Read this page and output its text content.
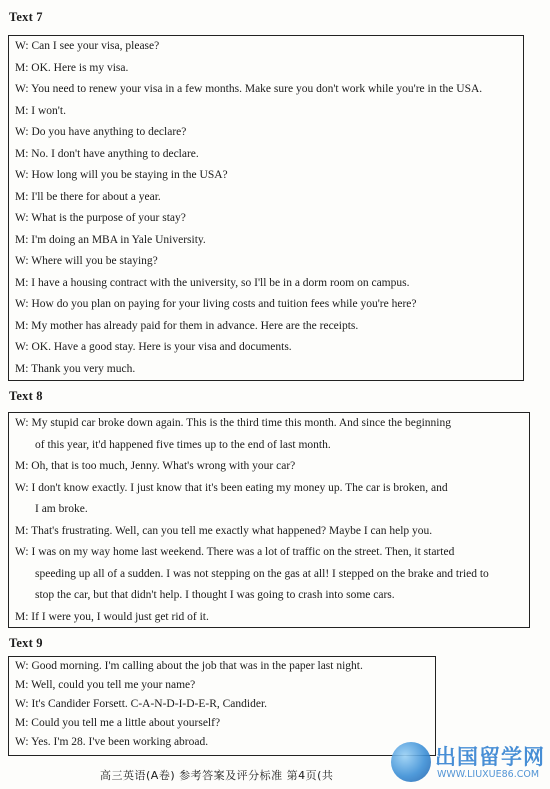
Text 7
W: Can I see your visa, please?
M: OK. Here is my visa.
W: You need to renew your visa in a few months. Make sure you don't work while you're in the USA.
M: I won't.
W: Do you have anything to declare?
M: No. I don't have anything to declare.
W: How long will you be staying in the USA?
M: I'll be there for about a year.
W: What is the purpose of your stay?
M: I'm doing an MBA in Yale University.
W: Where will you be staying?
M: I have a housing contract with the university, so I'll be in a dorm room on campus.
W: How do you plan on paying for your living costs and tuition fees while you're here?
M: My mother has already paid for them in advance. Here are the receipts.
W: OK. Have a good stay. Here is your visa and documents.
M: Thank you very much.
Text 8
W: My stupid car broke down again. This is the third time this month. And since the beginning
of this year, it'd happened five times up to the end of last month.
M: Oh, that is too much, Jenny. What's wrong with your car?
W: I don't know exactly. I just know that it's been eating my money up. The car is broken, and
I am broke.
M: That's frustrating. Well, can you tell me exactly what happened? Maybe I can help you.
W: I was on my way home last weekend. There was a lot of traffic on the street. Then, it started
speeding up all of a sudden. I was not stepping on the gas at all! I stepped on the brake and tried to
stop the car, but that didn't help. I thought I was going to crash into some cars.
M: If I were you, I would just get rid of it.
Text 9
W: Good morning. I'm calling about the job that was in the paper last night.
M: Well, could you tell me your name?
W: It's Candider Forsett. C-A-N-D-I-D-E-R, Candider.
M: Could you tell me a little about yourself?
W: Yes. I'm 28. I've been working abroad.
高三英语(A卷) 参考答案及评分标准 第4页(共
出国留学网
WWW.LIUXUE86.COM
